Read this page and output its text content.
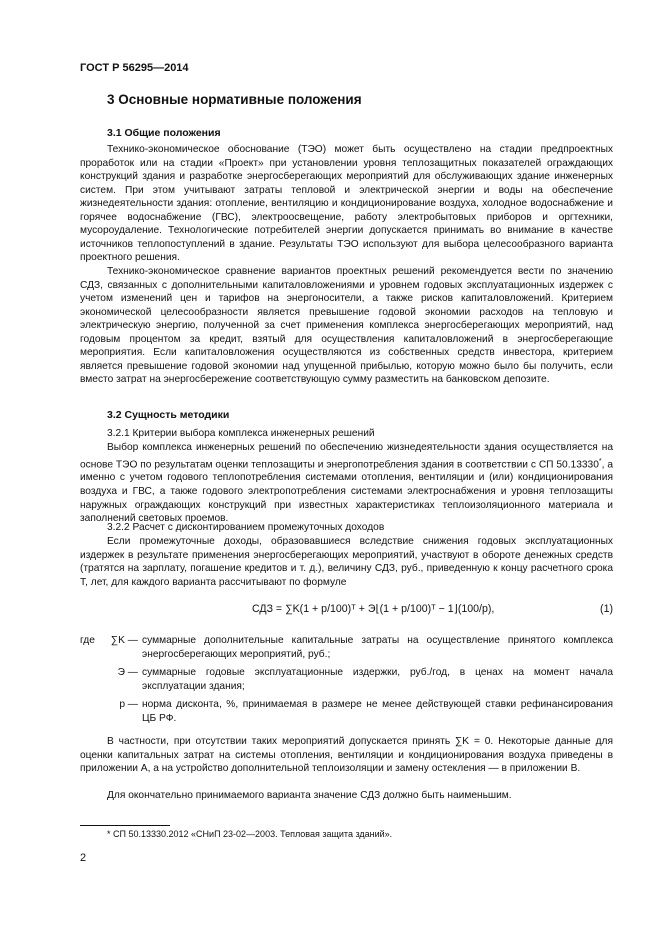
ГОСТ Р 56295—2014
3 Основные нормативные положения
3.1 Общие положения

Технико-экономическое обоснование (ТЭО) может быть осуществлено на стадии предпроектных проработок или на стадии «Проект» при установлении уровня теплозащитных показателей ограждающих конструкций здания и разработке энергосберегающих мероприятий для обслуживающих здание инженерных систем. При этом учитывают затраты тепловой и электрической энергии и воды на обеспечение жизнедеятельности здания: отопление, вентиляцию и кондиционирование воздуха, холодное водоснабжение и горячее водоснабжение (ГВС), электроосвещение, работу электробытовых приборов и оргтехники, мусороудаление. Технологические потребителей энергии допускается принимать во внимание в качестве источников теплопоступлений в здание. Результаты ТЭО используют для выбора целесообразного варианта проектного решения.

Технико-экономическое сравнение вариантов проектных решений рекомендуется вести по значению СДЗ, связанных с дополнительными капиталовложениями и уровнем годовых эксплуатационных издержек с учетом изменений цен и тарифов на энергоносители, а также рисков капиталовложений. Критерием экономической целесообразности является превышение годовой экономии расходов на тепловую и электрическую энергию, полученной за счет применения комплекса энергосберегающих мероприятий, над годовым процентом за кредит, взятый для осуществления капиталовложений в энергосберегающие мероприятия. Если капиталовложения осуществляются из собственных средств инвестора, критерием является превышение годовой экономии над упущенной прибылью, которую можно было бы получить, если вместо затрат на энергосбережение соответствующую сумму разместить на банковском депозите.

3.2 Сущность методики
3.2.1 Критерии выбора комплекса инженерных решений

Выбор комплекса инженерных решений по обеспечению жизнедеятельности здания осуществляется на основе ТЭО по результатам оценки теплозащиты и энергопотребления здания в соответствии с СП 50.13330*, а именно с учетом годового теплопотребления системами отопления, вентиляции и (или) кондиционирования воздуха и ГВС, а также годового электропотребления системами электроснабжения и уровня теплозащиты наружных ограждающих конструкций при известных характеристиках теплоизоляционного материала и заполнений световых проемов.

3.2.2 Расчет с дисконтированием промежуточных доходов

Если промежуточные доходы, образовавшиеся вследствие снижения годовых эксплуатационных издержек в результате применения энергосберегающих мероприятий, участвуют в обороте денежных средств (тратятся на зарплату, погашение кредитов и т. д.), величину СДЗ, руб., приведенную к концу расчетного срока T, лет, для каждого варианта рассчитывают по формуле

СДЗ = ∑K(1 + p/100)ᵀ + Э⌊(1 + p/100)ᵀ − 1⌋(100/p),	(1)
где	∑K — суммарные дополнительные капитальные затраты на осуществление принятого комплекса энергосберегающих мероприятий, руб.;
Э — суммарные годовые эксплуатационные издержки, руб./год, в ценах на момент начала эксплуатации здания;
p — норма дисконта, %, принимаемая в размере не менее действующей ставки рефинансирования ЦБ РФ.

В частности, при отсутствии таких мероприятий допускается принять ∑K = 0. Некоторые данные для оценки капитальных затрат на системы отопления, вентиляции и кондиционирования воздуха приведены в приложении А, а на устройство дополнительной теплоизоляции и замену остекления — в приложении В.

Для окончательно принимаемого варианта значение СДЗ должно быть наименьшим.

* СП 50.13330.2012 «СНиП 23-02—2003. Тепловая защита зданий».
2
